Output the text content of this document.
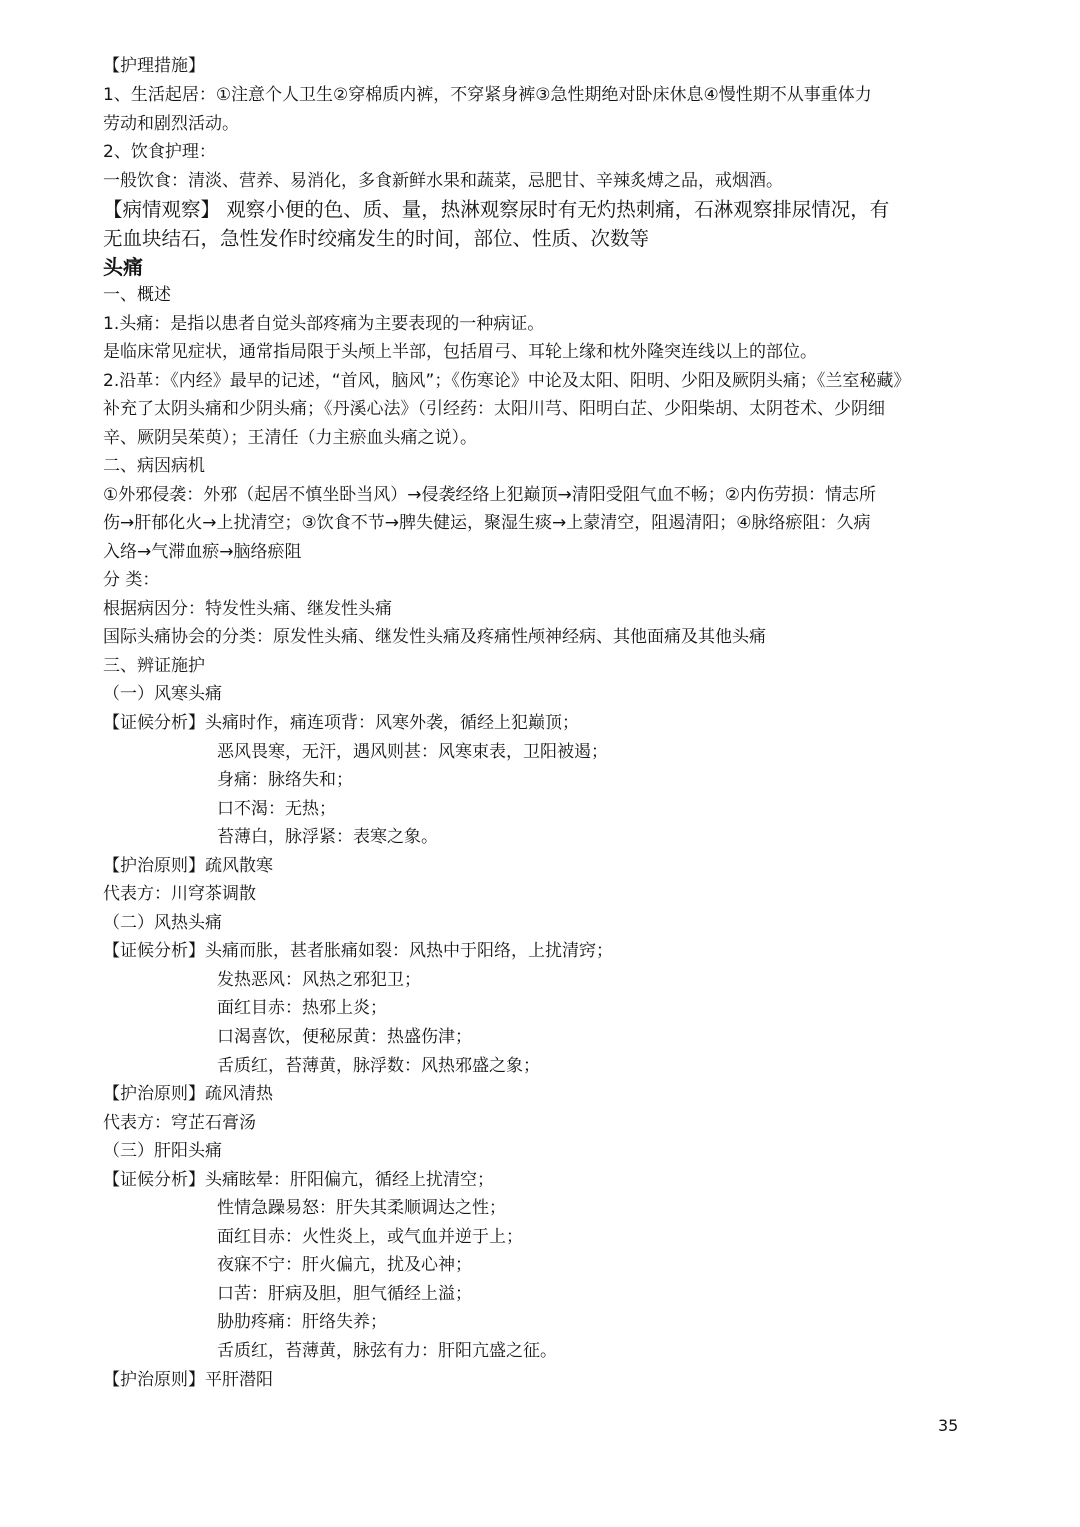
【护理措施】
1、生活起居：①注意个人卫生②穿棉质内裤，不穿紧身裤③急性期绝对卧床休息④慢性期不从事重体力
劳动和剧烈活动。
2、饮食护理：
一般饮食：清淡、营养、易消化，多食新鲜水果和蔬菜，忌肥甘、辛辣炙煿之品，戒烟酒。
【病情观察】 观察小便的色、质、量，热淋观察尿时有无灼热刺痛，石淋观察排尿情况，有
无血块结石，急性发作时绞痛发生的时间，部位、性质、次数等
头痛
一、概述
1.头痛：是指以患者自觉头部疼痛为主要表现的一种病证。
是临床常见症状，通常指局限于头颅上半部，包括眉弓、耳轮上缘和枕外隆突连线以上的部位。
2.沿革：《内经》最早的记述，“首风，脑风”；《伤寒论》中论及太阳、阳明、少阳及厥阴头痛；《兰室秘藏》
补充了太阴头痛和少阴头痛；《丹溪心法》（引经药：太阳川芎、阳明白芷、少阳柴胡、太阴苍术、少阴细
辛、厥阴吴茱萸）；王清任（力主瘀血头痛之说）。
二、病因病机
①外邪侵袭：外邪（起居不慎坐卧当风）→侵袭经络上犯巅顶→清阳受阻气血不畅；②内伤劳损：情志所
伤→肝郁化火→上扰清空；③饮食不节→脾失健运，聚湿生痰→上蒙清空，阻遏清阳；④脉络瘀阻：久病
入络→气滞血瘀→脑络瘀阻
分 类：
根据病因分：特发性头痛、继发性头痛
国际头痛协会的分类：原发性头痛、继发性头痛及疼痛性颅神经病、其他面痛及其他头痛
三、辨证施护
（一）风寒头痛
【证候分析】头痛时作，痛连项背：风寒外袭，循经上犯巅顶；
恶风畏寒，无汗，遇风则甚：风寒束表，卫阳被遏；
身痛：脉络失和；
口不渴：无热；
苔薄白，脉浮紧：表寒之象。
【护治原则】疏风散寒
代表方：川穹茶调散
（二）风热头痛
【证候分析】头痛而胀，甚者胀痛如裂：风热中于阳络，上扰清窍；
发热恶风：风热之邪犯卫；
面红目赤：热邪上炎；
口渴喜饮，便秘尿黄：热盛伤津；
舌质红，苔薄黄，脉浮数：风热邪盛之象；
【护治原则】疏风清热
代表方：穹芷石膏汤
（三）肝阳头痛
【证候分析】头痛眩晕：肝阳偏亢，循经上扰清空；
性情急躁易怒：肝失其柔顺调达之性；
面红目赤：火性炎上，或气血并逆于上；
夜寐不宁：肝火偏亢，扰及心神；
口苦：肝病及胆，胆气循经上溢；
胁肋疼痛：肝络失养；
舌质红，苔薄黄，脉弦有力：肝阳亢盛之征。
【护治原则】平肝潜阳
35
